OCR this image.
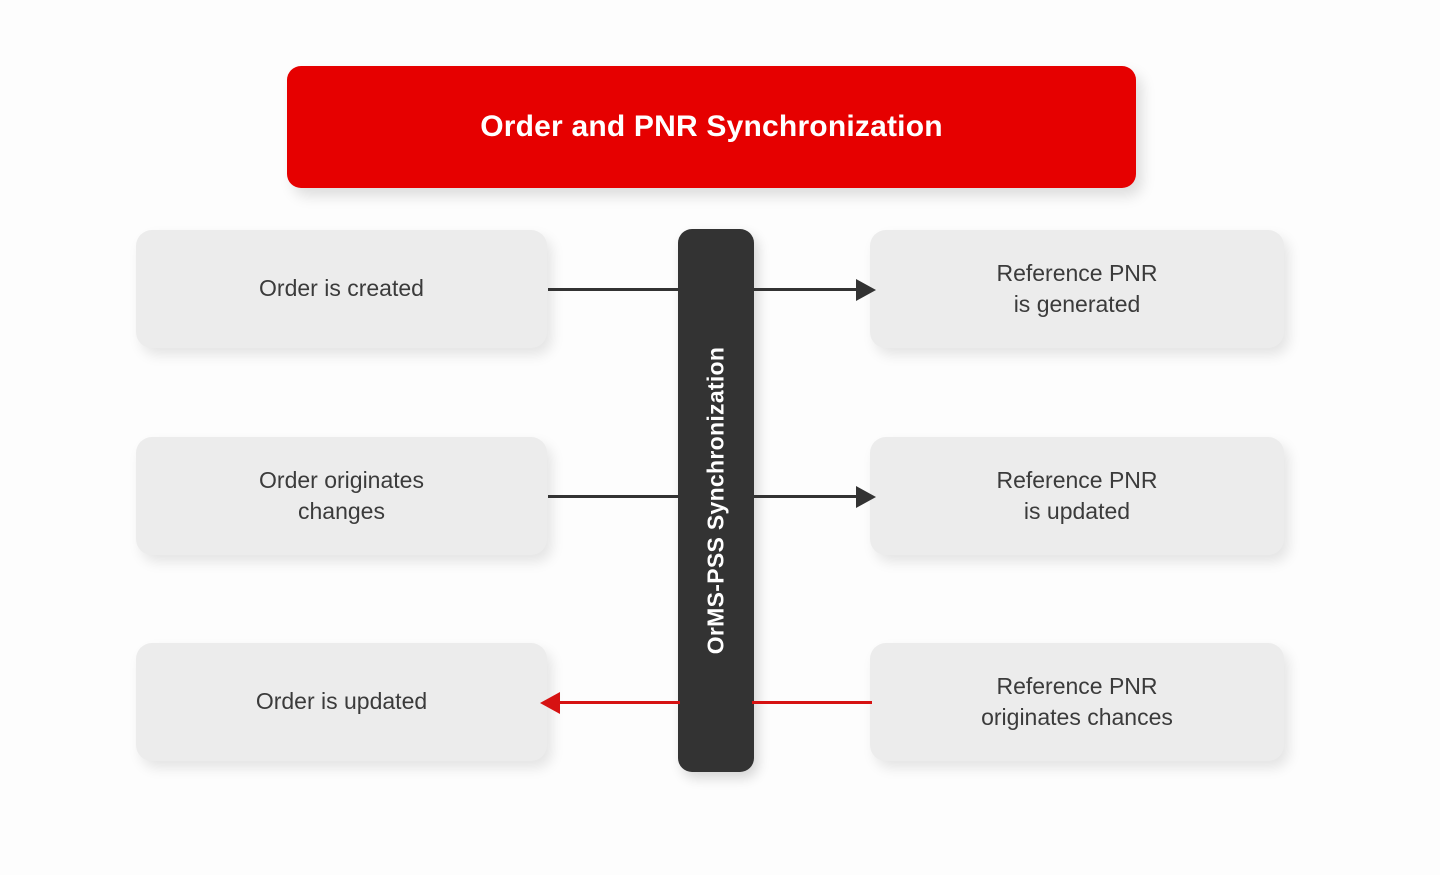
Order and PNR Synchronization
OrMS-PSS Synchronization
Order is created
Order originates
changes
Order is updated
Reference PNR
is generated
Reference PNR
is updated
Reference PNR
originates chances
